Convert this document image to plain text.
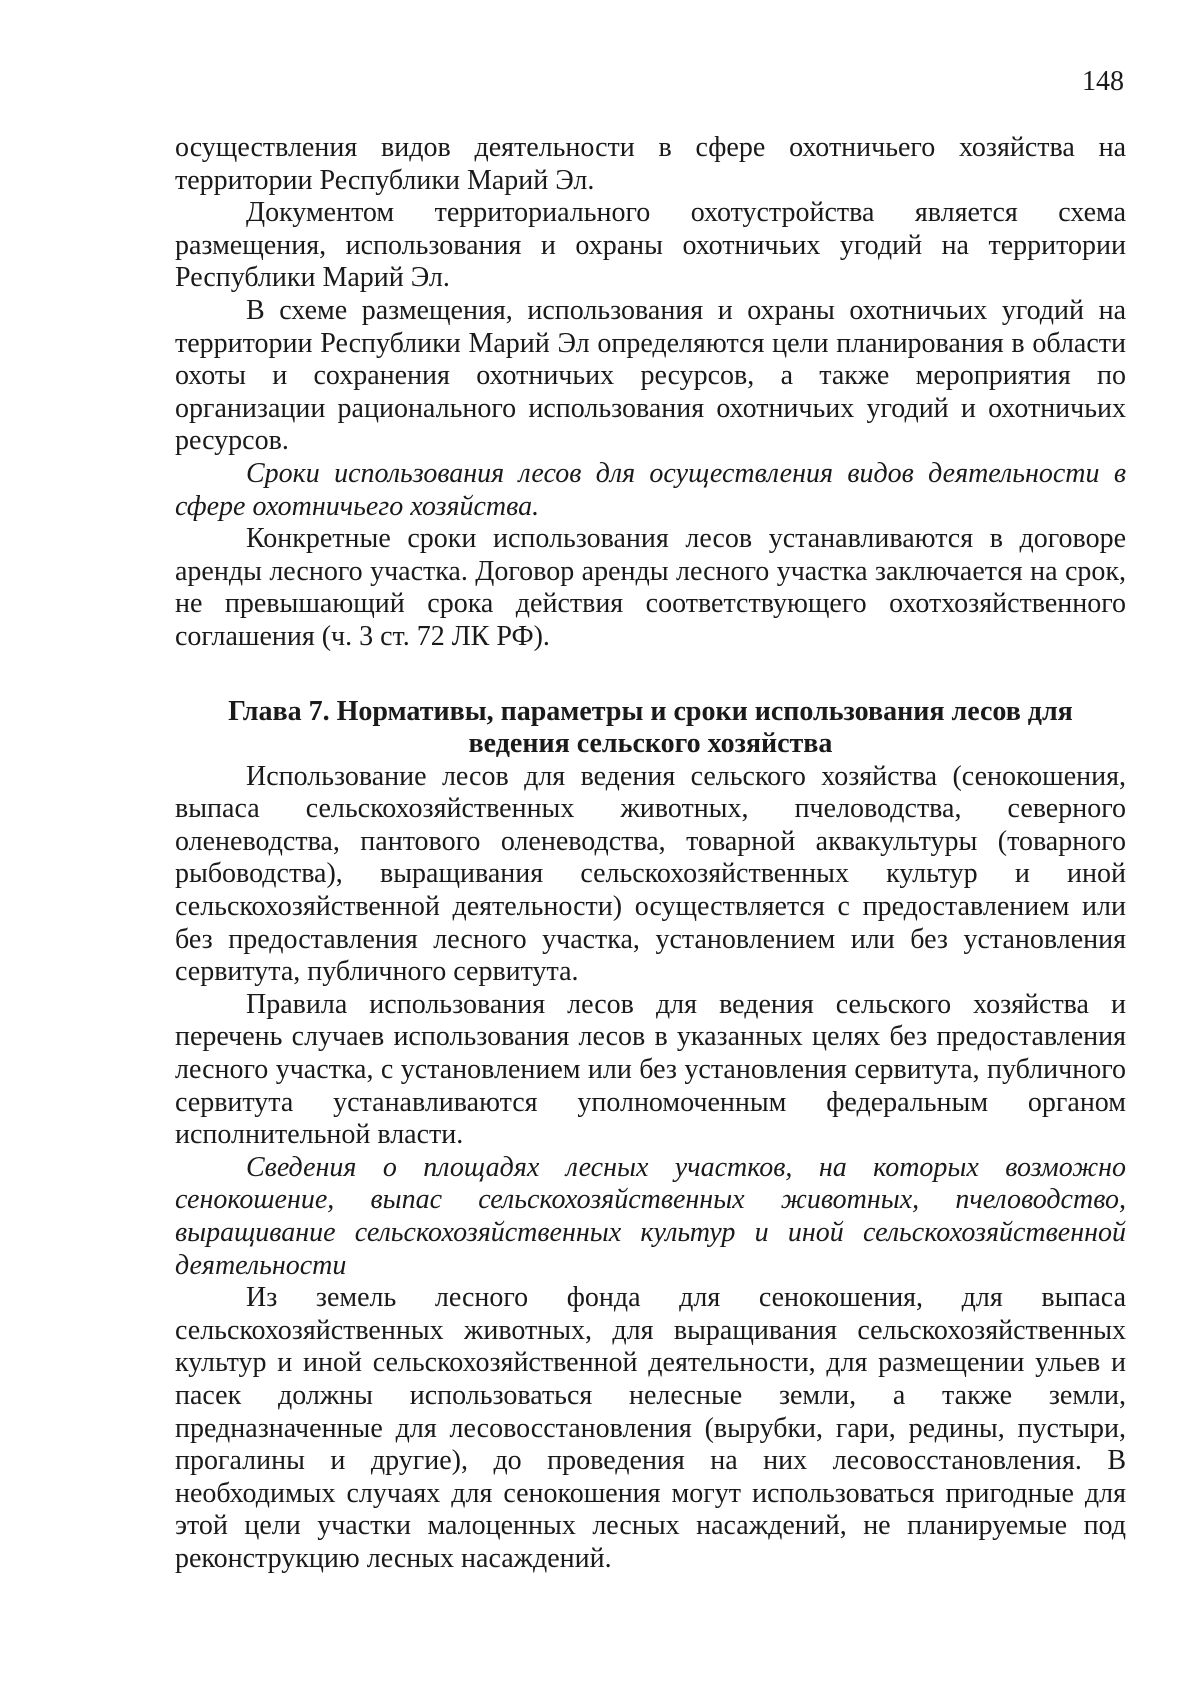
148

осуществления видов деятельности в сфере охотничьего хозяйства на территории Республики Марий Эл.

Документом территориального охотустройства является схема размещения, использования и охраны охотничьих угодий на территории Республики Марий Эл.

В схеме размещения, использования и охраны охотничьих угодий на территории Республики Марий Эл определяются цели планирования в области охоты и сохранения охотничьих ресурсов, а также мероприятия по организации рационального использования охотничьих угодий и охотничьих ресурсов.

Сроки использования лесов для осуществления видов деятельности в сфере охотничьего хозяйства.

Конкретные сроки использования лесов устанавливаются в договоре аренды лесного участка. Договор аренды лесного участка заключается на срок, не превышающий срока действия соответствующего охотхозяйственного соглашения (ч. 3 ст. 72 ЛК РФ).

Глава 7. Нормативы, параметры и сроки использования лесов для
ведения сельского хозяйства

Использование лесов для ведения сельского хозяйства (сенокошения, выпаса сельскохозяйственных животных, пчеловодства, северного оленеводства, пантового оленеводства, товарной аквакультуры (товарного рыбоводства), выращивания сельскохозяйственных культур и иной сельскохозяйственной деятельности) осуществляется с предоставлением или без предоставления лесного участка, установлением или без установления сервитута, публичного сервитута.

Правила использования лесов для ведения сельского хозяйства и перечень случаев использования лесов в указанных целях без предоставления лесного участка, с установлением или без установления сервитута, публичного сервитута устанавливаются уполномоченным федеральным органом исполнительной власти.

Сведения о площадях лесных участков, на которых возможно сенокошение, выпас сельскохозяйственных животных, пчеловодство, выращивание сельскохозяйственных культур и иной сельскохозяйственной деятельности

Из земель лесного фонда для сенокошения, для выпаса сельскохозяйственных животных, для выращивания сельскохозяйственных культур и иной сельскохозяйственной деятельности, для размещении ульев и пасек должны использоваться нелесные земли, а также земли, предназначенные для лесовосстановления (вырубки, гари, редины, пустыри, прогалины и другие), до проведения на них лесовосстановления. В необходимых случаях для сенокошения могут использоваться пригодные для этой цели участки малоценных лесных насаждений, не планируемые под реконструкцию лесных насаждений.
